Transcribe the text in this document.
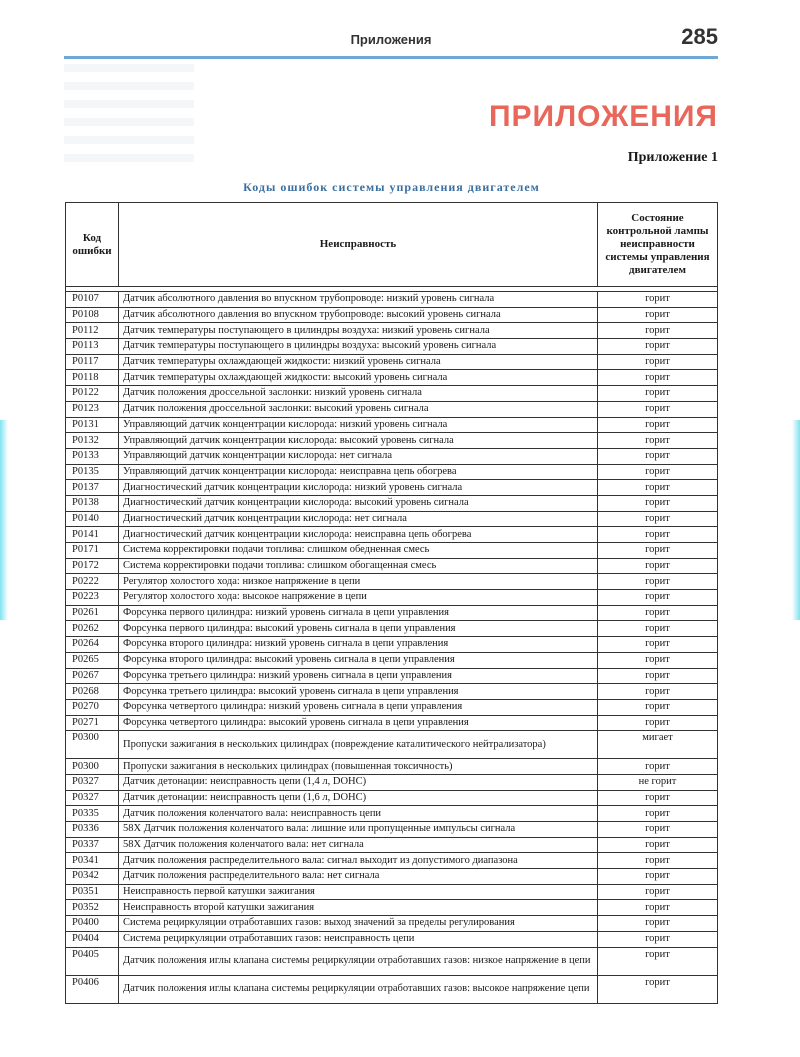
Приложения	285
ПРИЛОЖЕНИЯ
Приложение 1
Коды ошибок системы управления двигателем
Код ошибки	Неисправность	Состояние контрольной лампы неисправности системы управления двигателем

P0107	Датчик абсолютного давления во впускном трубопроводе: низкий уровень сигнала	горит
P0108	Датчик абсолютного давления во впускном трубопроводе: высокий уровень сигнала	горит
P0112	Датчик температуры поступающего в цилиндры воздуха: низкий уровень сигнала	горит
P0113	Датчик температуры поступающего в цилиндры воздуха: высокий уровень сигнала	горит
P0117	Датчик температуры охлаждающей жидкости: низкий уровень сигнала	горит
P0118	Датчик температуры охлаждающей жидкости: высокий уровень сигнала	горит
P0122	Датчик положения дроссельной заслонки: низкий уровень сигнала	горит
P0123	Датчик положения дроссельной заслонки: высокий уровень сигнала	горит
P0131	Управляющий датчик концентрации кислорода: низкий уровень сигнала	горит
P0132	Управляющий датчик концентрации кислорода: высокий уровень сигнала	горит
P0133	Управляющий датчик концентрации кислорода: нет сигнала	горит
P0135	Управляющий датчик концентрации кислорода: неисправна цепь обогрева	горит
P0137	Диагностический датчик концентрации кислорода: низкий уровень сигнала	горит
P0138	Диагностический датчик концентрации кислорода: высокий уровень сигнала	горит
P0140	Диагностический датчик концентрации кислорода: нет сигнала	горит
P0141	Диагностический датчик концентрации кислорода: неисправна цепь обогрева	горит
P0171	Система корректировки подачи топлива: слишком обедненная смесь	горит
P0172	Система корректировки подачи топлива: слишком обогащенная смесь	горит
P0222	Регулятор холостого хода: низкое напряжение в цепи	горит
P0223	Регулятор холостого хода: высокое напряжение в цепи	горит
P0261	Форсунка первого цилиндра: низкий уровень сигнала в цепи управления	горит
P0262	Форсунка первого цилиндра: высокий уровень сигнала в цепи управления	горит
P0264	Форсунка второго цилиндра: низкий уровень сигнала в цепи управления	горит
P0265	Форсунка второго цилиндра: высокий уровень сигнала в цепи управления	горит
P0267	Форсунка третьего цилиндра: низкий уровень сигнала в цепи управления	горит
P0268	Форсунка третьего цилиндра: высокий уровень сигнала в цепи управления	горит
P0270	Форсунка четвертого цилиндра: низкий уровень сигнала в цепи управления	горит
P0271	Форсунка четвертого цилиндра: высокий уровень сигнала в цепи управления	горит
P0300	Пропуски зажигания в нескольких цилиндрах (повреждение каталитического нейтрализатора)	мигает
P0300	Пропуски зажигания в нескольких цилиндрах (повышенная токсичность)	горит
P0327	Датчик детонации: неисправность цепи (1,4 л, DOHC)	не горит
P0327	Датчик детонации: неисправность цепи (1,6 л, DOHC)	горит
P0335	Датчик положения коленчатого вала: неисправность цепи	горит
P0336	58X Датчик положения коленчатого вала: лишние или пропущенные импульсы сигнала	горит
P0337	58X Датчик положения коленчатого вала: нет сигнала	горит
P0341	Датчик положения распределительного вала: сигнал выходит из допустимого диапазона	горит
P0342	Датчик положения распределительного вала: нет сигнала	горит
P0351	Неисправность первой катушки зажигания	горит
P0352	Неисправность второй катушки зажигания	горит
P0400	Система рециркуляции отработавших газов: выход значений за пределы регулирования	горит
P0404	Система рециркуляции отработавших газов: неисправность цепи	горит
P0405	Датчик положения иглы клапана системы рециркуляции отработавших газов: низкое напряжение в цепи	горит
P0406	Датчик положения иглы клапана системы рециркуляции отработавших газов: высокое напряжение цепи	горит
